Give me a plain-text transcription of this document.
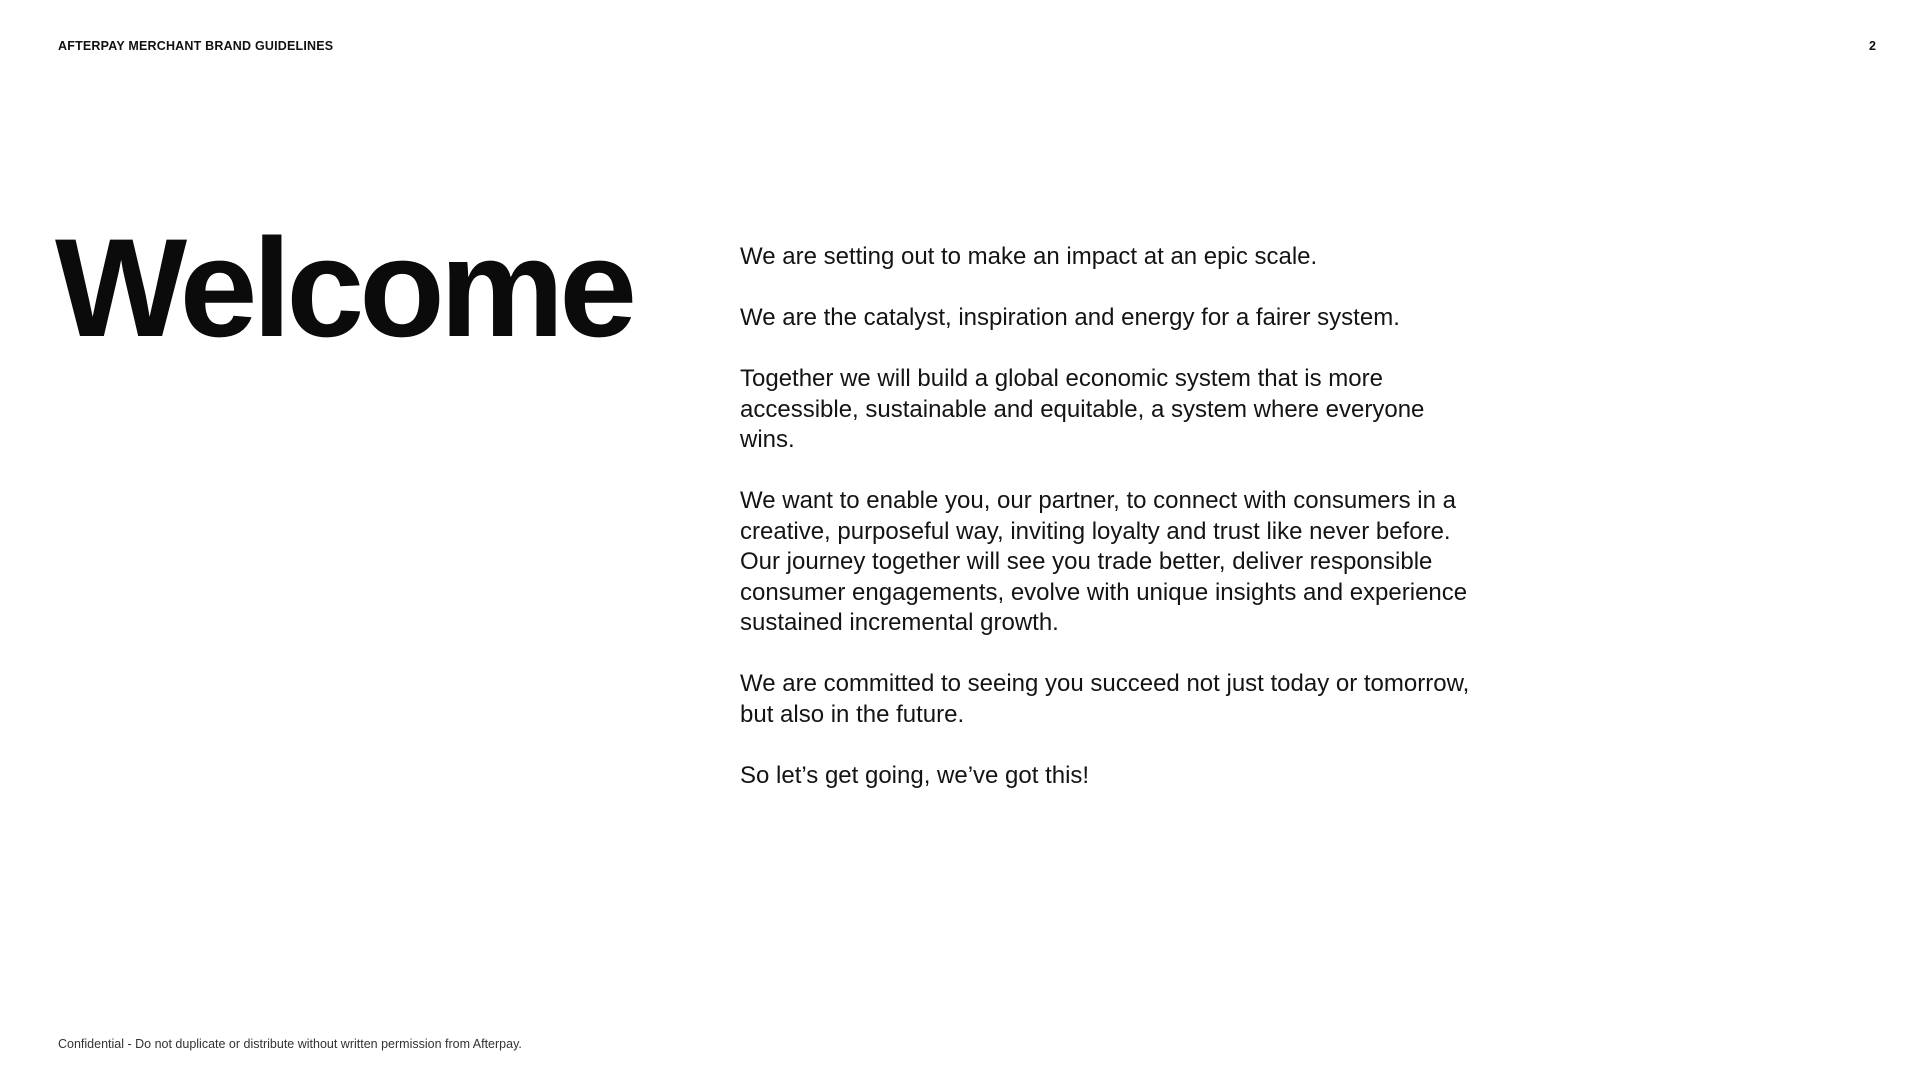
AFTERPAY MERCHANT BRAND GUIDELINES	2
Welcome	We are setting out to make an impact at an epic scale.

We are the catalyst, inspiration and energy for a fairer system.

Together we will build a global economic system that is more accessible, sustainable and equitable, a system where everyone wins.

We want to enable you, our partner, to connect with consumers in a creative, purposeful way, inviting loyalty and trust like never before. Our journey together will see you trade better, deliver responsible consumer engagements, evolve with unique insights and experience sustained incremental growth.

We are committed to seeing you succeed not just today or tomorrow, but also in the future.

So let’s get going, we’ve got this!

Confidential - Do not duplicate or distribute without written permission from Afterpay.
